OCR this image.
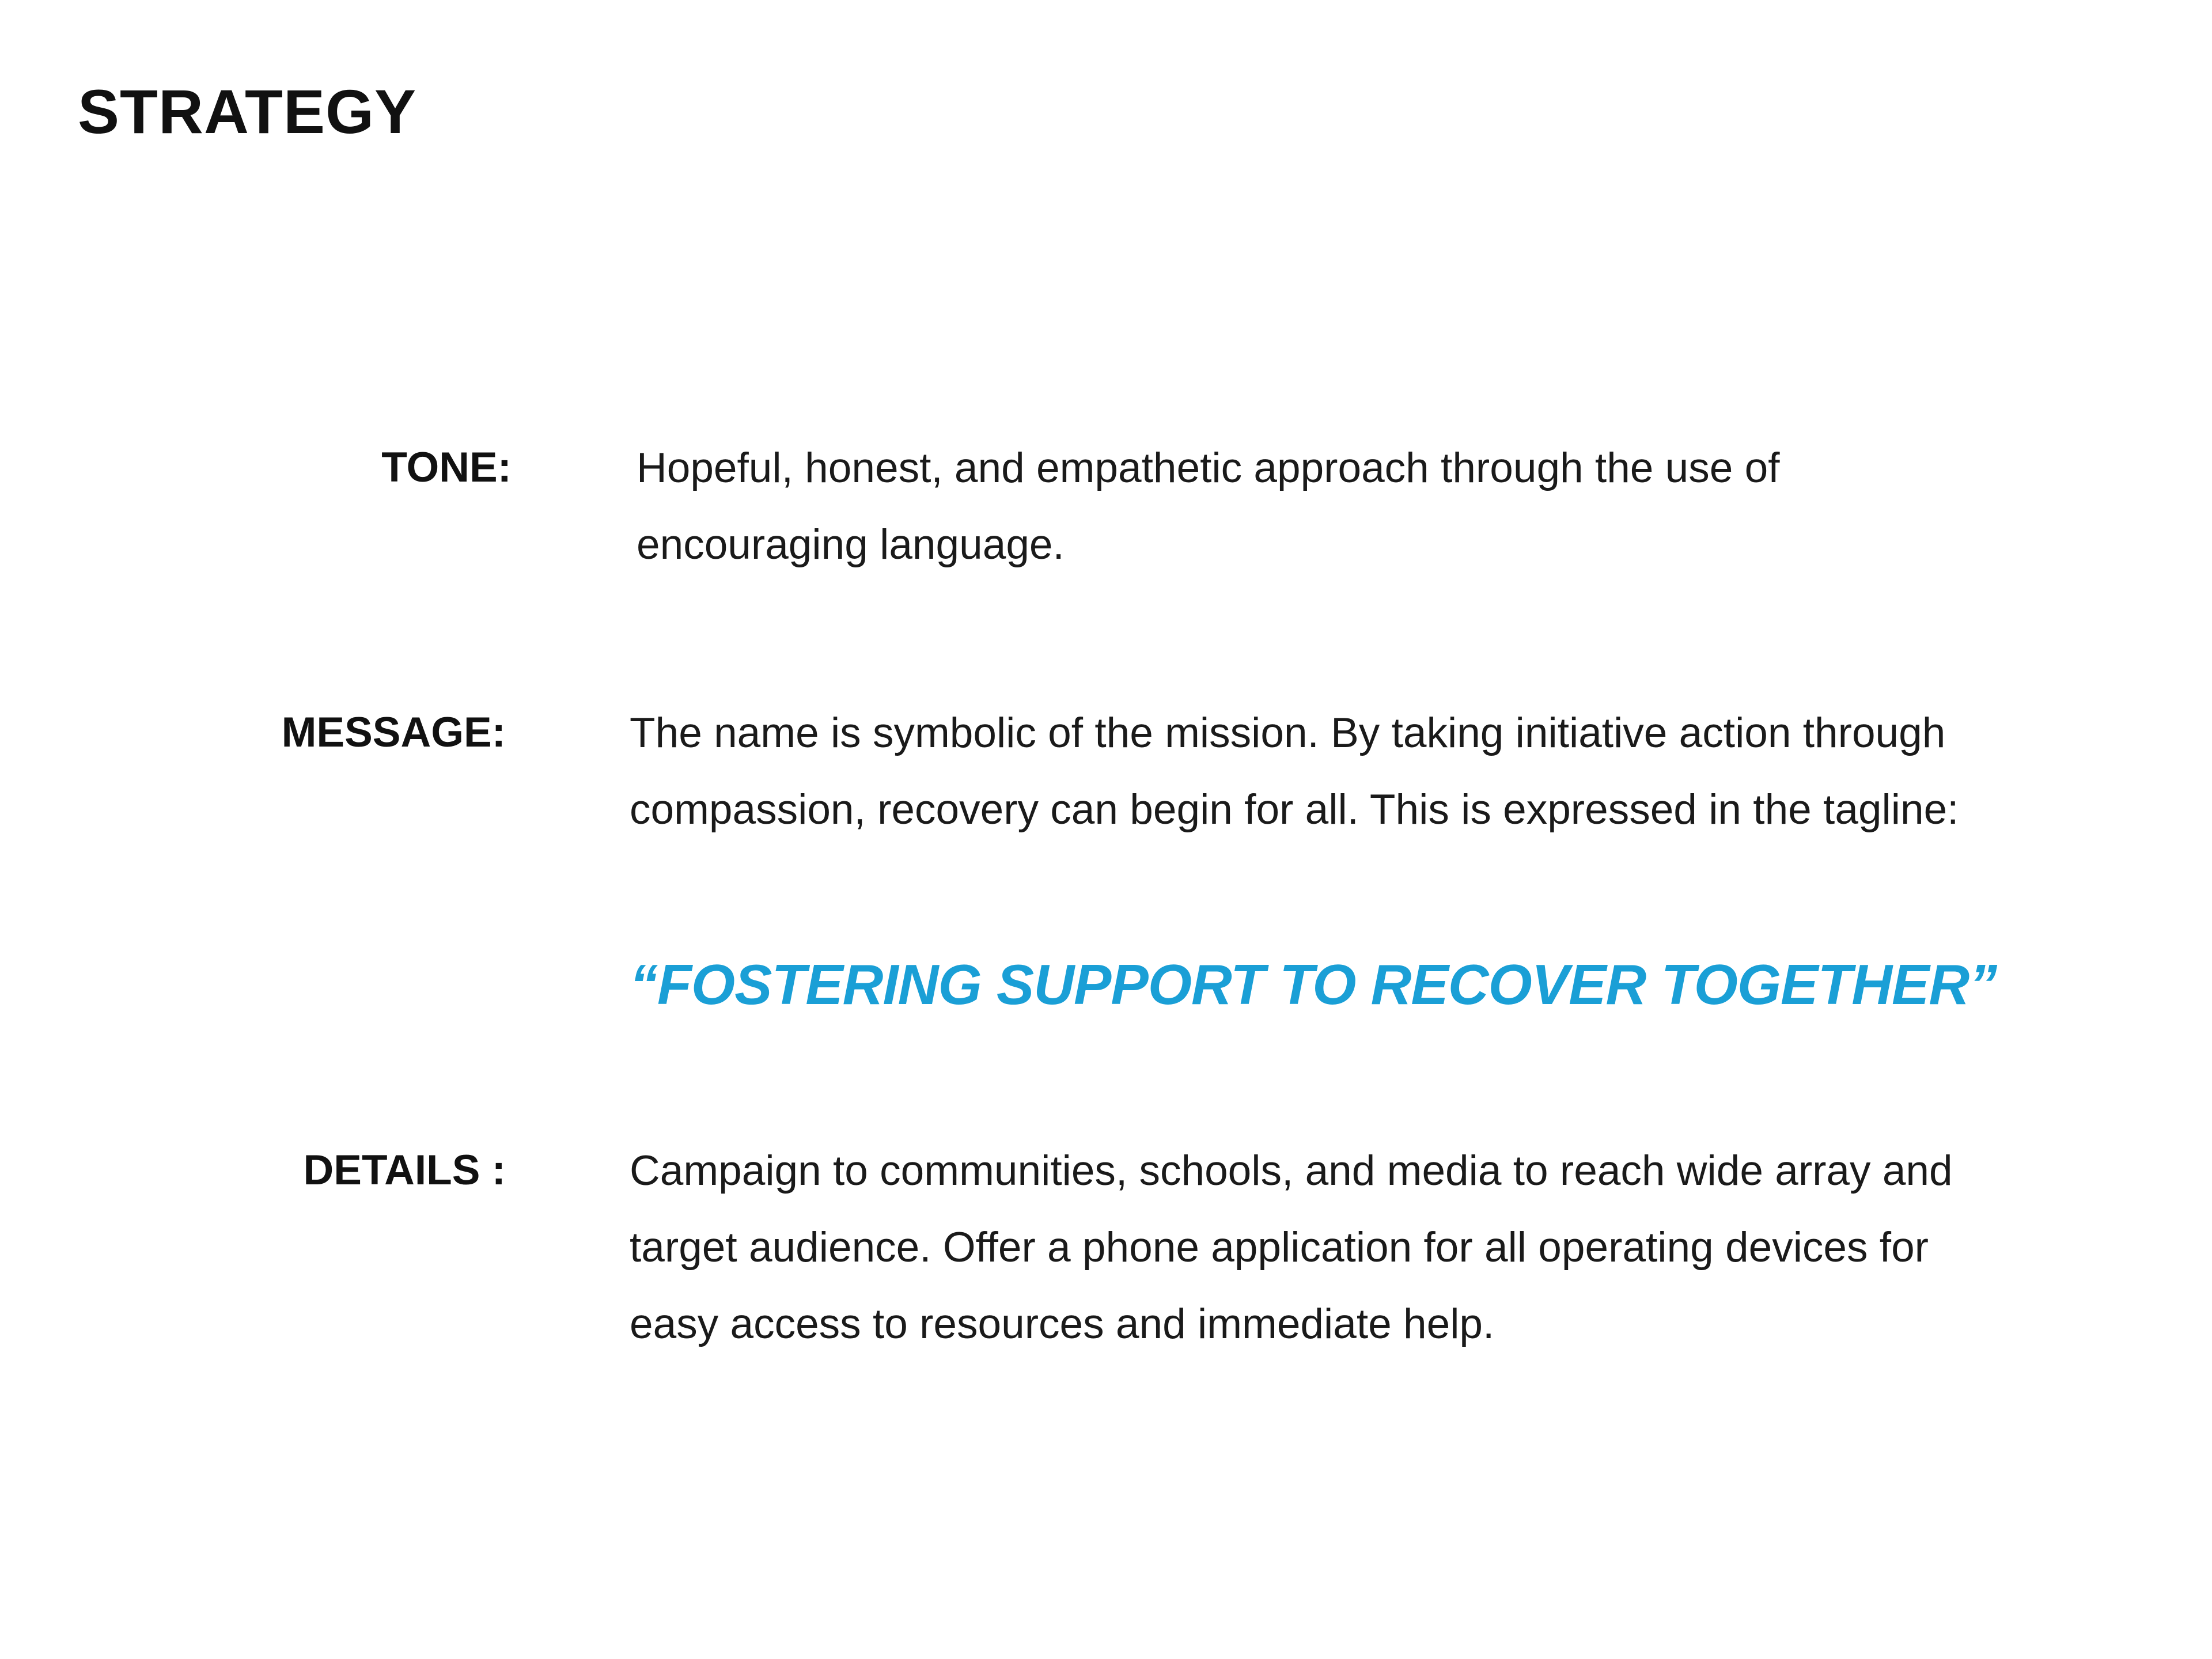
STRATEGY
TONE:	Hopeful, honest, and empathetic approach through the use of
encouraging language.
MESSAGE:	The name is symbolic of the mission. By taking initiative action through
compassion, recovery can begin for all. This is expressed in the tagline:
“FOSTERING SUPPORT TO RECOVER TOGETHER”
DETAILS :	Campaign to communities, schools, and media to reach wide array and
target audience. Offer a phone application for all operating devices for
easy access to resources and immediate help.
